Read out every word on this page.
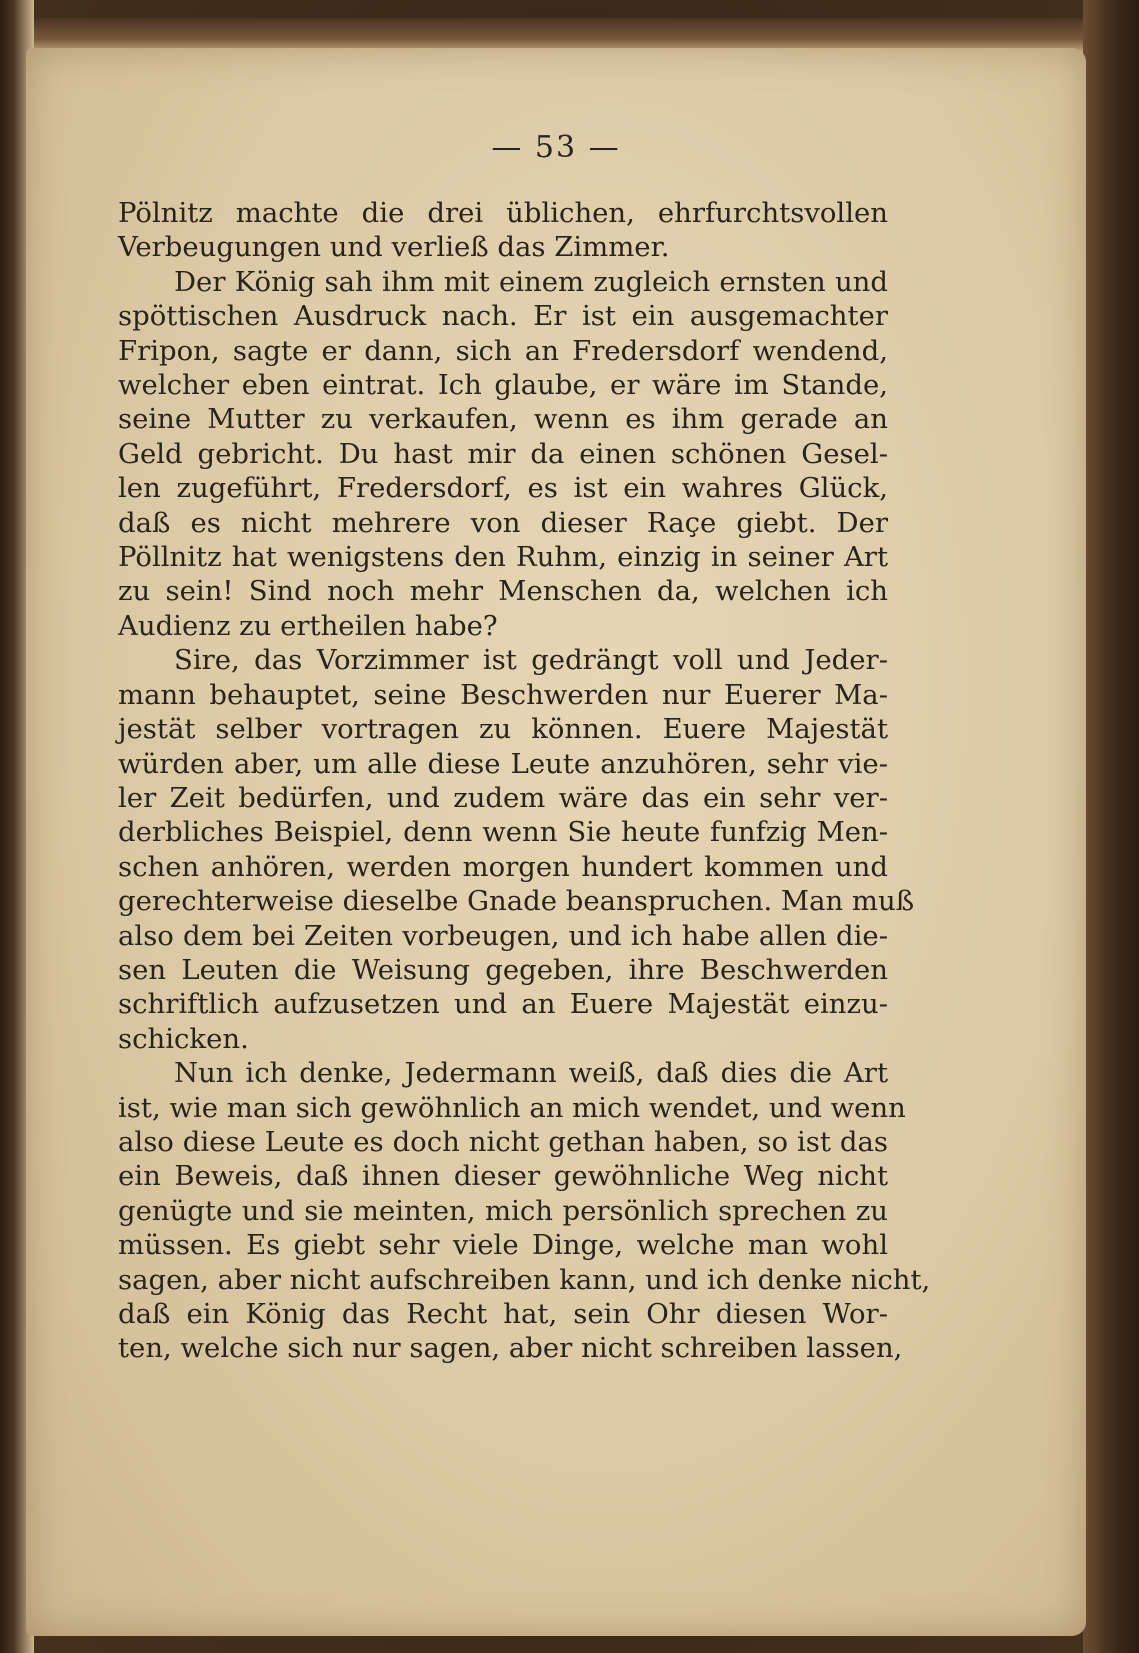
— 53 —
Pölnitz machte die drei üblichen, ehrfurchtsvollen
Verbeugungen und verließ das Zimmer.
Der König sah ihm mit einem zugleich ernsten und
spöttischen Ausdruck nach. Er ist ein ausgemachter
Fripon, sagte er dann, sich an Fredersdorf wendend,
welcher eben eintrat. Ich glaube, er wäre im Stande,
seine Mutter zu verkaufen, wenn es ihm gerade an
Geld gebricht. Du hast mir da einen schönen Gesel-
len zugeführt, Fredersdorf, es ist ein wahres Glück,
daß es nicht mehrere von dieser Raçe giebt. Der
Pöllnitz hat wenigstens den Ruhm, einzig in seiner Art
zu sein! Sind noch mehr Menschen da, welchen ich
Audienz zu ertheilen habe?
Sire, das Vorzimmer ist gedrängt voll und Jeder-
mann behauptet, seine Beschwerden nur Euerer Ma-
jestät selber vortragen zu können. Euere Majestät
würden aber, um alle diese Leute anzuhören, sehr vie-
ler Zeit bedürfen, und zudem wäre das ein sehr ver-
derbliches Beispiel, denn wenn Sie heute funfzig Men-
schen anhören, werden morgen hundert kommen und
gerechterweise dieselbe Gnade beanspruchen. Man muß
also dem bei Zeiten vorbeugen, und ich habe allen die-
sen Leuten die Weisung gegeben, ihre Beschwerden
schriftlich aufzusetzen und an Euere Majestät einzu-
schicken.
Nun ich denke, Jedermann weiß, daß dies die Art
ist, wie man sich gewöhnlich an mich wendet, und wenn
also diese Leute es doch nicht gethan haben, so ist das
ein Beweis, daß ihnen dieser gewöhnliche Weg nicht
genügte und sie meinten, mich persönlich sprechen zu
müssen. Es giebt sehr viele Dinge, welche man wohl
sagen, aber nicht aufschreiben kann, und ich denke nicht,
daß ein König das Recht hat, sein Ohr diesen Wor-
ten, welche sich nur sagen, aber nicht schreiben lassen,
